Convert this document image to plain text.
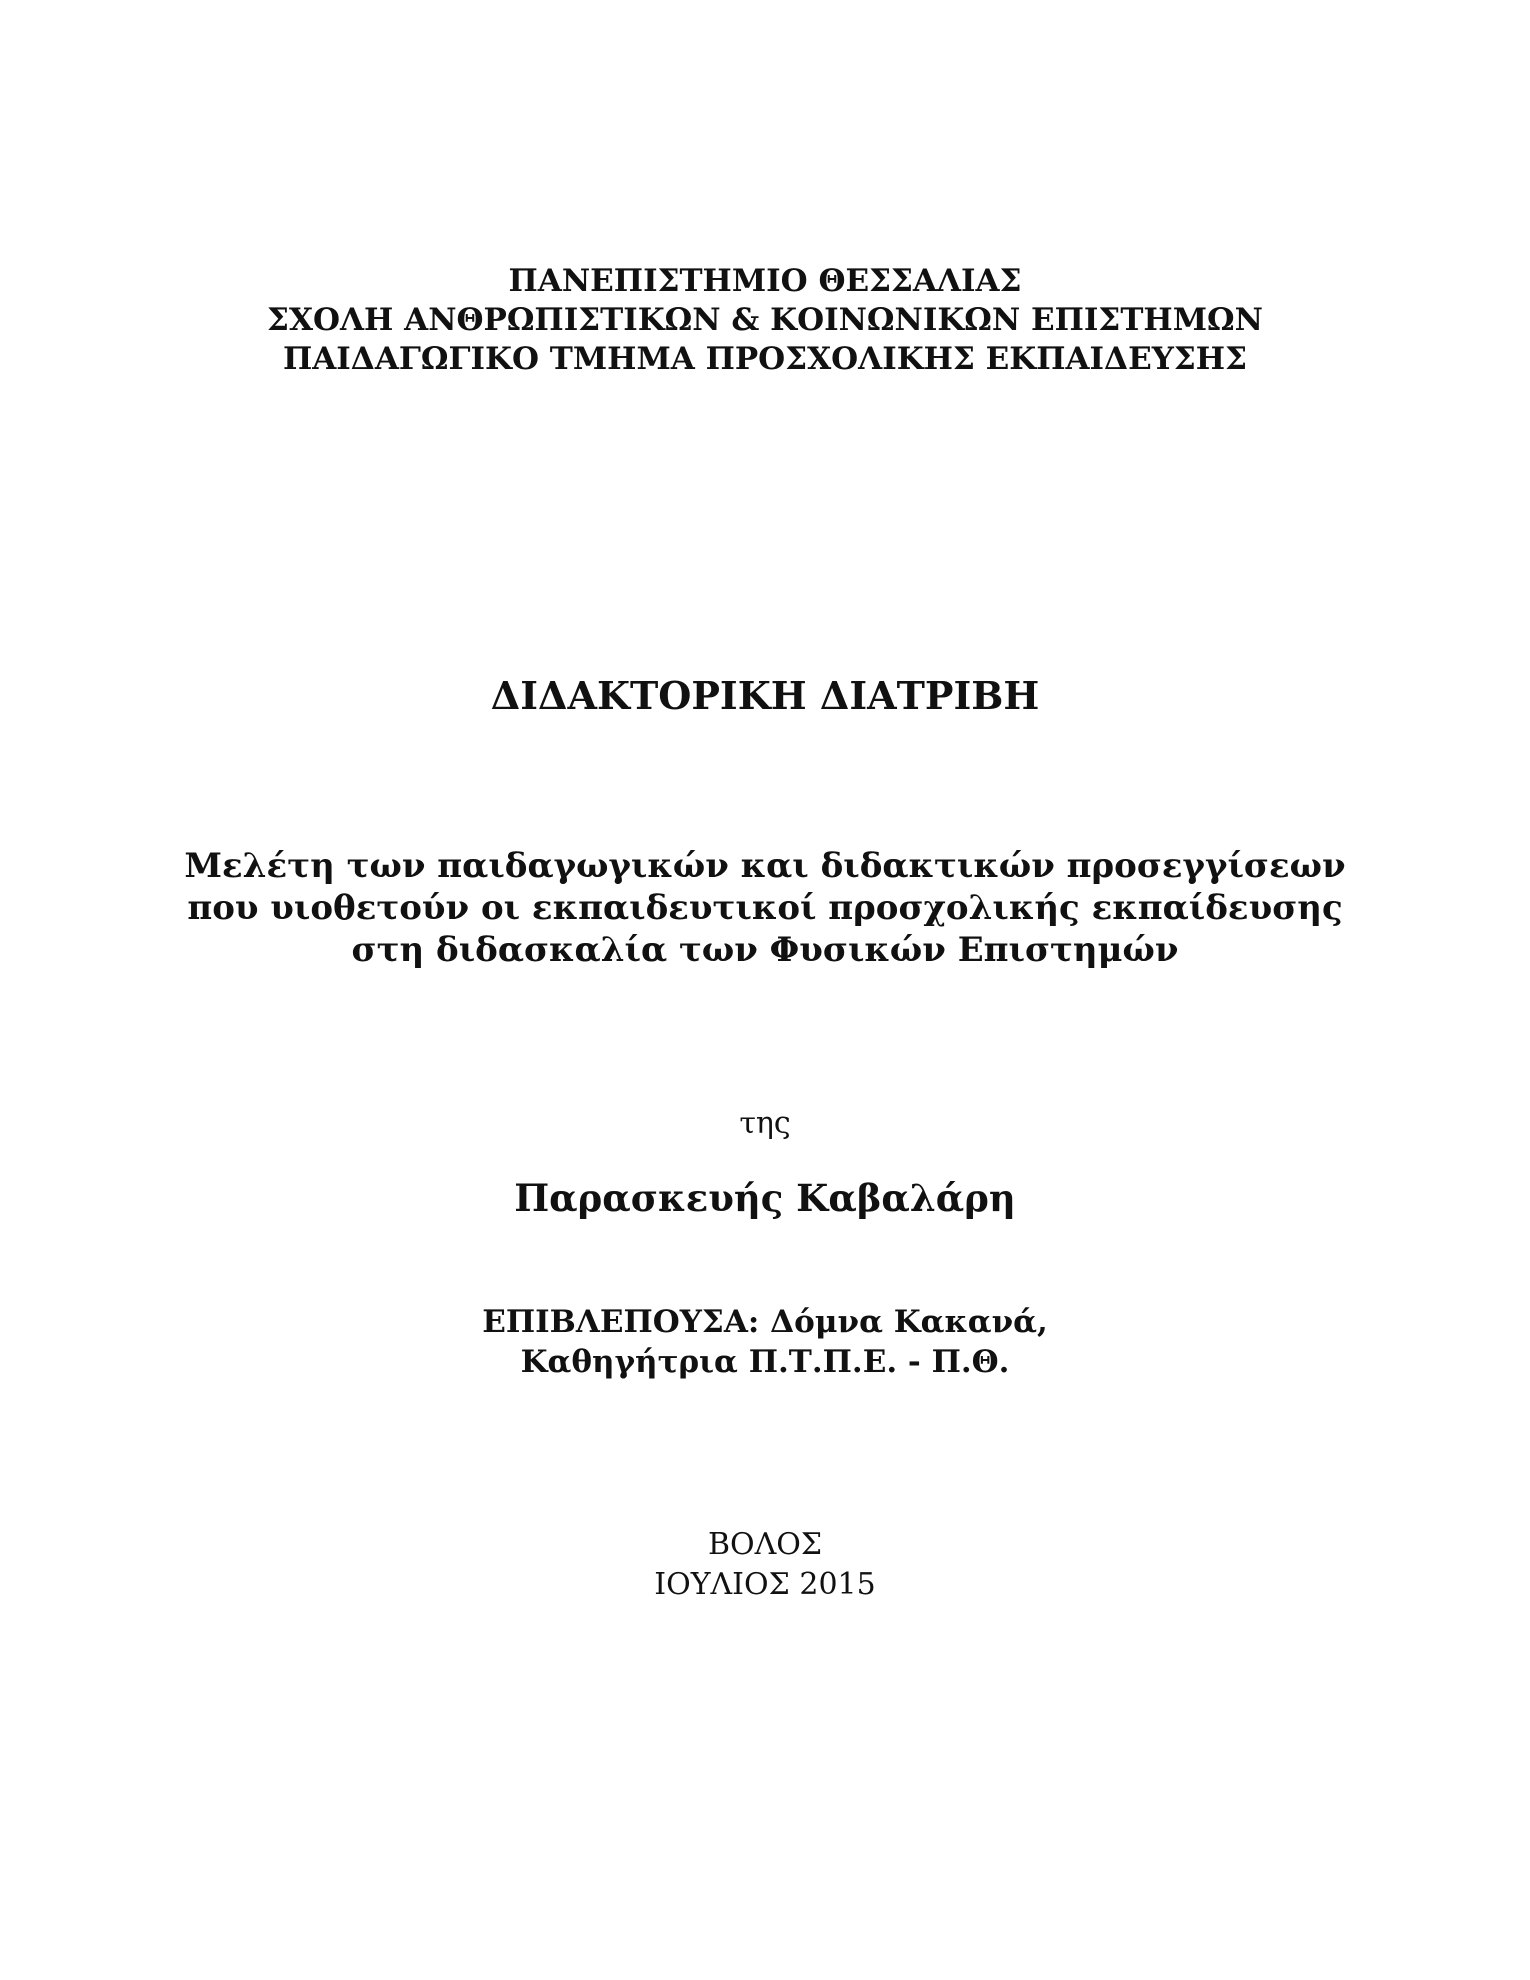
ΠΑΝΕΠΙΣΤΗΜΙΟ ΘΕΣΣΑΛΙΑΣ
ΣΧΟΛΗ ΑΝΘΡΩΠΙΣΤΙΚΩΝ & ΚΟΙΝΩΝΙΚΩΝ ΕΠΙΣΤΗΜΩΝ
ΠΑΙΔΑΓΩΓΙΚΟ ΤΜΗΜΑ ΠΡΟΣΧΟΛΙΚΗΣ ΕΚΠΑΙΔΕΥΣΗΣ
ΔΙΔΑΚΤΟΡΙΚΗ ΔΙΑΤΡΙΒΗ
Μελέτη των παιδαγωγικών και διδακτικών προσεγγίσεων
που υιοθετούν οι εκπαιδευτικοί προσχολικής εκπαίδευσης
στη διδασκαλία των Φυσικών Επιστημών
της
Παρασκευής Καβαλάρη
ΕΠΙΒΛΕΠΟΥΣΑ: Δόμνα Κακανά,
Καθηγήτρια Π.Τ.Π.Ε. - Π.Θ.
ΒΟΛΟΣ
ΙΟΥΛΙΟΣ 2015
